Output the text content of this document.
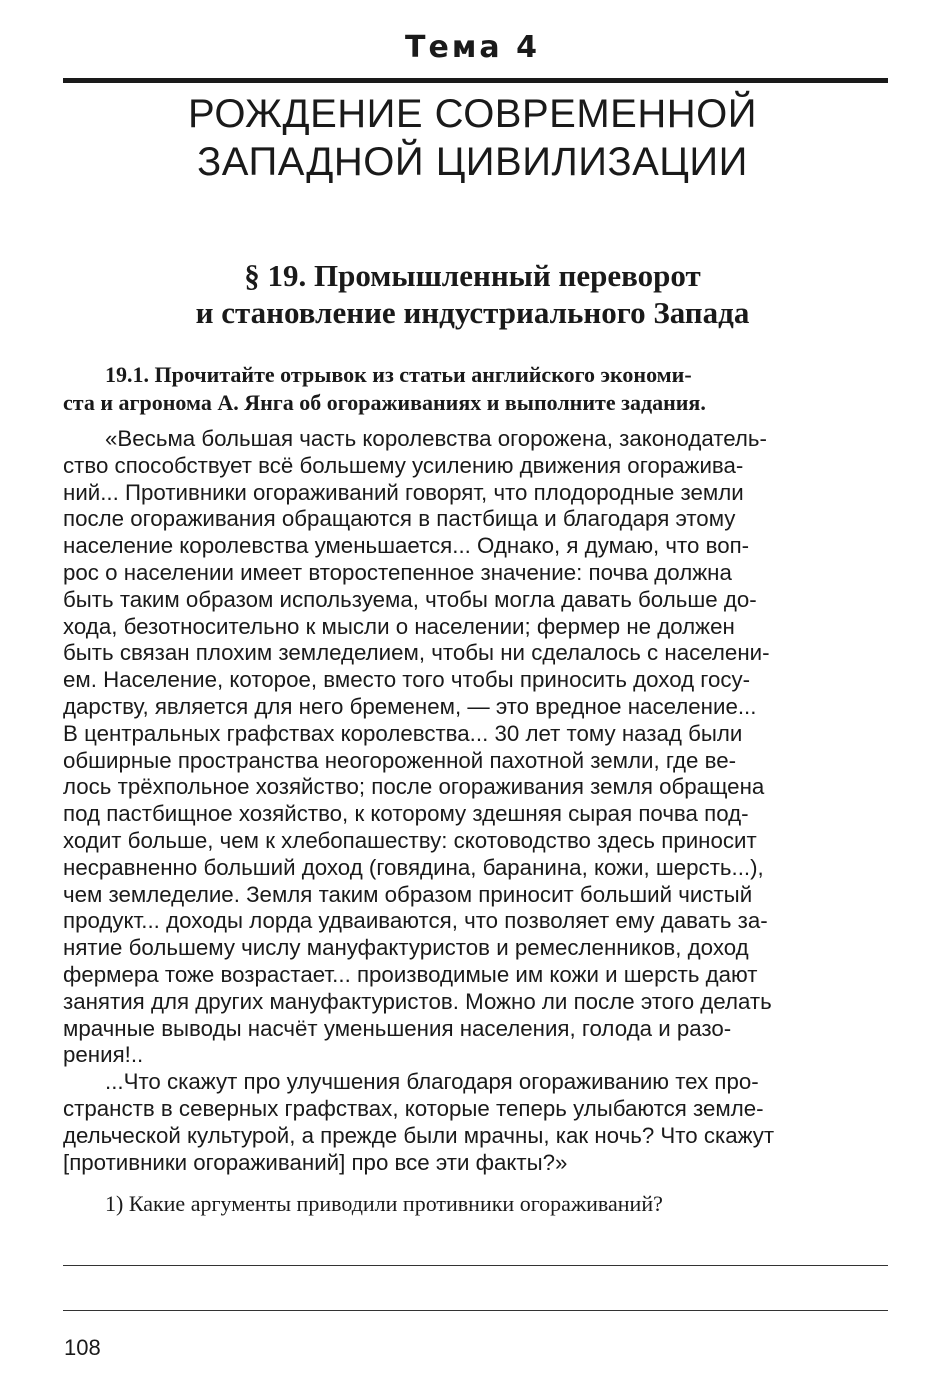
Тема 4
РОЖДЕНИЕ СОВРЕМЕННОЙ
ЗАПАДНОЙ ЦИВИЛИЗАЦИИ
§ 19. Промышленный переворот
и становление индустриального Запада
19.1. Прочитайте отрывок из статьи английского экономи-
ста и агронома А. Янга об огораживаниях и выполните задания.
«Весьма большая часть королевства огорожена, законодатель-
ство способствует всё большему усилению движения огоражива-
ний... Противники огораживаний говорят, что плодородные земли
после огораживания обращаются в пастбища и благодаря этому
население королевства уменьшается... Однако, я думаю, что воп-
рос о населении имеет второстепенное значение: почва должна
быть таким образом используема, чтобы могла давать больше до-
хода, безотносительно к мысли о населении; фермер не должен
быть связан плохим земледелием, чтобы ни сделалось с населени-
ем. Население, которое, вместо того чтобы приносить доход госу-
дарству, является для него бременем, — это вредное население...
В центральных графствах королевства... 30 лет тому назад были
обширные пространства неогороженной пахотной земли, где ве-
лось трёхпольное хозяйство; после огораживания земля обращена
под пастбищное хозяйство, к которому здешняя сырая почва под-
ходит больше, чем к хлебопашеству: скотоводство здесь приносит
несравненно больший доход (говядина, баранина, кожи, шерсть...),
чем земледелие. Земля таким образом приносит больший чистый
продукт... доходы лорда удваиваются, что позволяет ему давать за-
нятие большему числу мануфактуристов и ремесленников, доход
фермера тоже возрастает... производимые им кожи и шерсть дают
занятия для других мануфактуристов. Можно ли после этого делать
мрачные выводы насчёт уменьшения населения, голода и разо-
рения!..
...Что скажут про улучшения благодаря огораживанию тех про-
странств в северных графствах, которые теперь улыбаются земле-
дельческой культурой, а прежде были мрачны, как ночь? Что скажут
[противники огораживаний] про все эти факты?»
1) Какие аргументы приводили противники огораживаний?
108
